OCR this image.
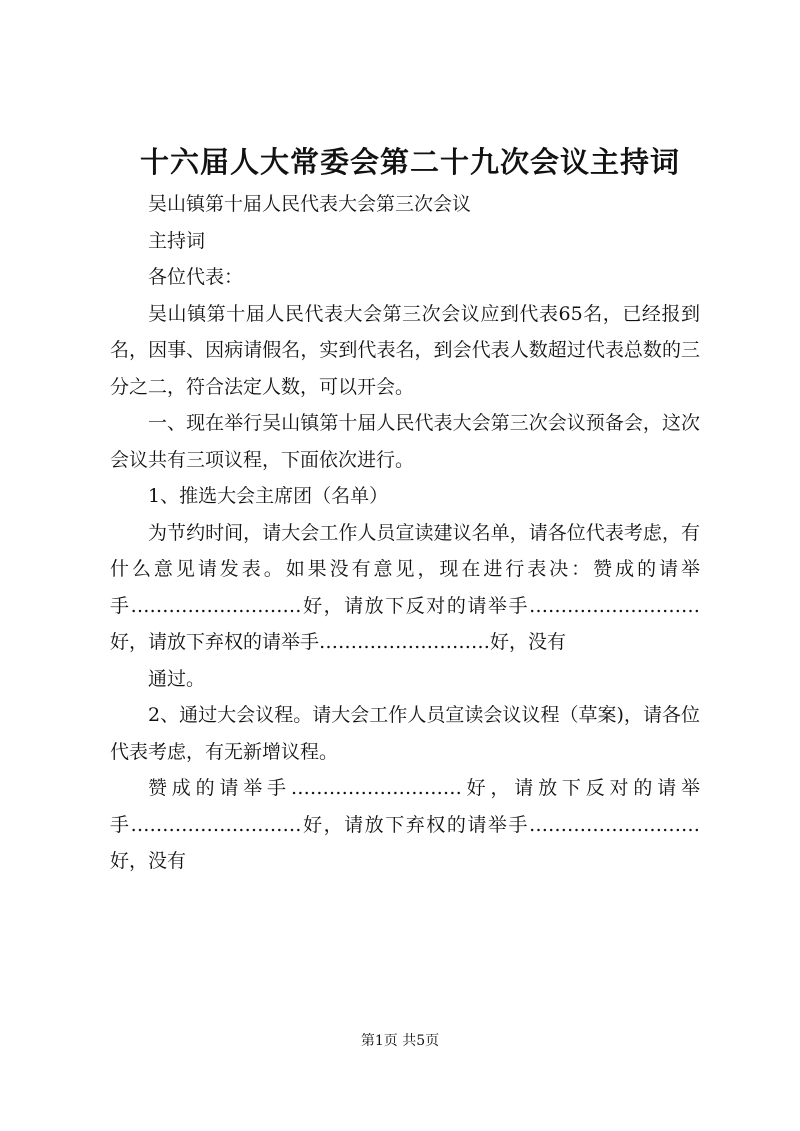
十六届人大常委会第二十九次会议主持词

吴山镇第十届人民代表大会第三次会议

主持词

各位代表：

吴山镇第十届人民代表大会第三次会议应到代表65名，已经报到名，因事、因病请假名，实到代表名，到会代表人数超过代表总数的三分之二，符合法定人数，可以开会。

一、现在举行吴山镇第十届人民代表大会第三次会议预备会，这次会议共有三项议程，下面依次进行。

1、推选大会主席团（名单）

为节约时间，请大会工作人员宣读建议名单，请各位代表考虑，有什么意见请发表。如果没有意见，现在进行表决：赞成的请举手………………………好，请放下反对的请举手………………………好，请放下弃权的请举手………………………好，没有

通过。

2、通过大会议程。请大会工作人员宣读会议议程（草案)，请各位代表考虑，有无新增议程。

赞成的请举手………………………好，请放下反对的请举手………………………好，请放下弃权的请举手………………………好，没有

第1页 共5页
